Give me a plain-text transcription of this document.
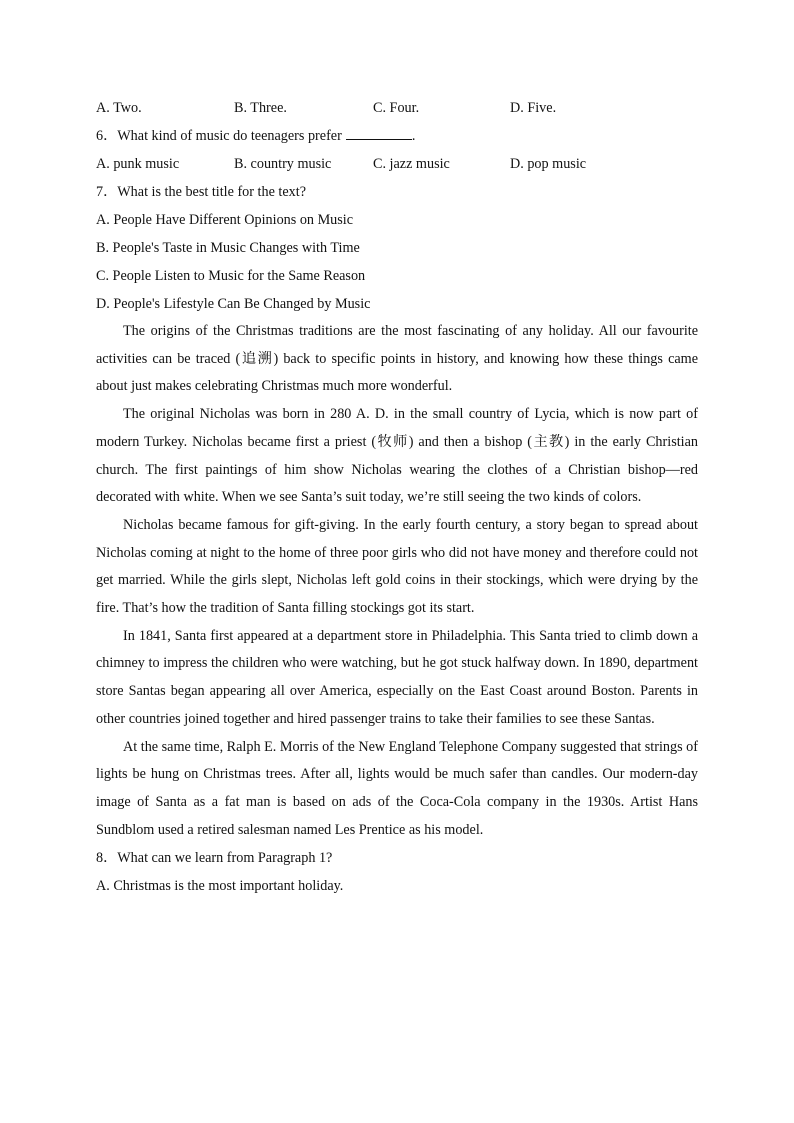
A. Two.	B. Three.	C. Four.	D. Five.
6．What kind of music do teenagers prefer	.
A. punk music	B. country music	C. jazz music	D. pop music
7．What is the best title for the text?
A. People Have Different Opinions on Music
B. People's Taste in Music Changes with Time
C. People Listen to Music for the Same Reason
D. People's Lifestyle Can Be Changed by Music

The origins of the Christmas traditions are the most fascinating of any holiday. All our favourite activities can be traced (追溯) back to specific points in history, and knowing how these things came about just makes celebrating Christmas much more wonderful.

The original Nicholas was born in 280 A. D. in the small country of Lycia, which is now part of modern Turkey. Nicholas became first a priest (牧师) and then a bishop (主教) in the early Christian church. The first paintings of him show Nicholas wearing the clothes of a Christian bishop—red decorated with white. When we see Santa’s suit today, we’re still seeing the two kinds of colors.

Nicholas became famous for gift-giving. In the early fourth century, a story began to spread about Nicholas coming at night to the home of three poor girls who did not have money and therefore could not get married. While the girls slept, Nicholas left gold coins in their stockings, which were drying by the fire. That’s how the tradition of Santa filling stockings got its start.

In 1841, Santa first appeared at a department store in Philadelphia. This Santa tried to climb down a chimney to impress the children who were watching, but he got stuck halfway down. In 1890, department store Santas began appearing all over America, especially on the East Coast around Boston. Parents in other countries joined together and hired passenger trains to take their families to see these Santas.

At the same time, Ralph E. Morris of the New England Telephone Company suggested that strings of lights be hung on Christmas trees. After all, lights would be much safer than candles. Our modern-day image of Santa as a fat man is based on ads of the Coca-Cola company in the 1930s. Artist Hans Sundblom used a retired salesman named Les Prentice as his model.

8．What can we learn from Paragraph 1?
A. Christmas is the most important holiday.
